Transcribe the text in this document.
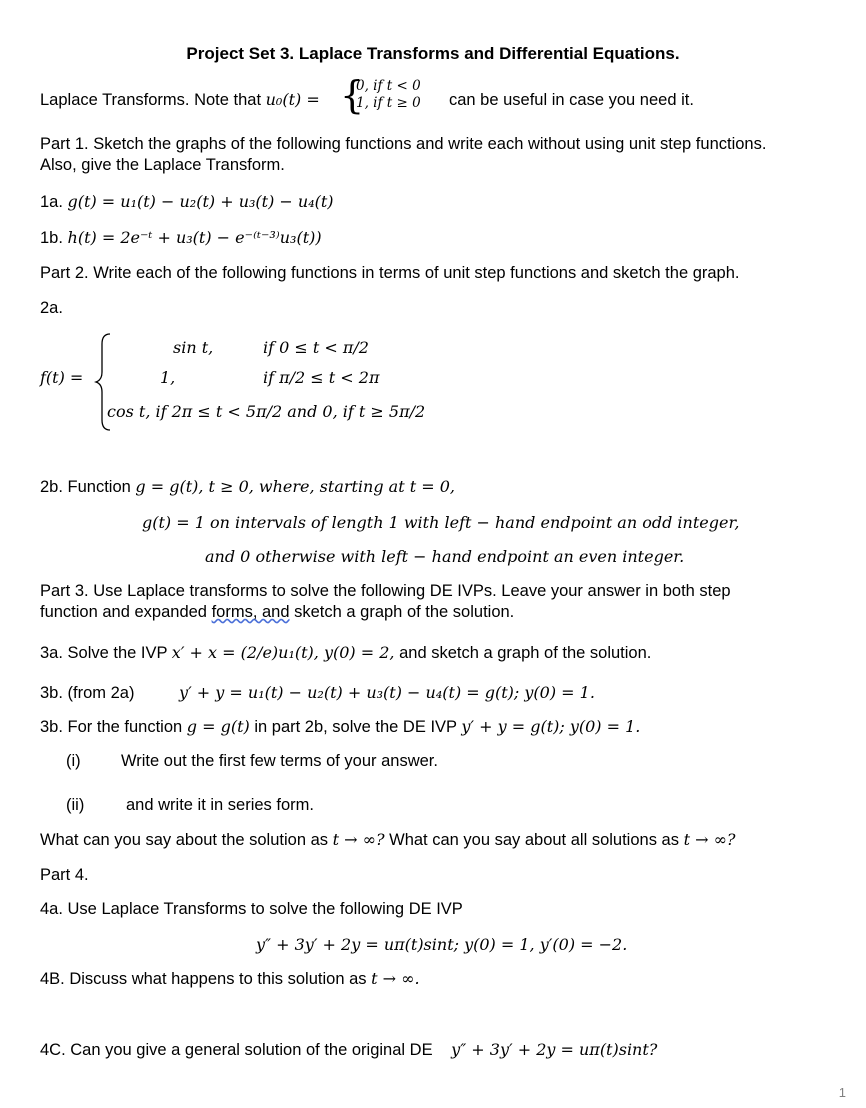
Project Set 3. Laplace Transforms and Differential Equations.
Laplace Transforms. Note that u₀(t) = {
0, if t < 0
1, if t ≥ 0 can be useful in case you need it.
Part 1. Sketch the graphs of the following functions and write each without using unit step functions.
Also, give the Laplace Transform.
1a. g(t) = u₁(t) − u₂(t) + u₃(t) − u₄(t)
1b. h(t) = 2e⁻ᵗ + u₃(t) − e⁻⁽ᵗ⁻³⁾u₃(t))
Part 2. Write each of the following functions in terms of unit step functions and sketch the graph.
2a.
f(t) =
sin t,	if 0 ≤ t < π/2
1,	if π/2 ≤ t < 2π
cos t, if 2π ≤ t < 5π/2 and 0, if t ≥ 5π/2
2b. Function g = g(t), t ≥ 0, where, starting at t = 0,
g(t) = 1 on intervals of length 1 with left − hand endpoint an odd integer,
and 0 otherwise with left − hand endpoint an even integer.
Part 3. Use Laplace transforms to solve the following DE IVPs. Leave your answer in both step
function and expanded forms, and sketch a graph of the solution.
3a. Solve the IVP x′ + x = (2/e)u₁(t), y(0) = 2, and sketch a graph of the solution.
3b. (from 2a)	y′ + y = u₁(t) − u₂(t) + u₃(t) − u₄(t) = g(t); y(0) = 1.
3b. For the function g = g(t) in part 2b, solve the DE IVP y′ + y = g(t); y(0) = 1.
(i) Write out the first few terms of your answer.
(ii)	and write it in series form.
What can you say about the solution as t → ∞? What can you say about all solutions as t → ∞?
Part 4.
4a. Use Laplace Transforms to solve the following DE IVP
y″ + 3y′ + 2y = uπ(t)sint; y(0) = 1, y′(0) = −2.
4B. Discuss what happens to this solution as t → ∞.
4C. Can you give a general solution of the original DE y″ + 3y′ + 2y = uπ(t)sint?
1
